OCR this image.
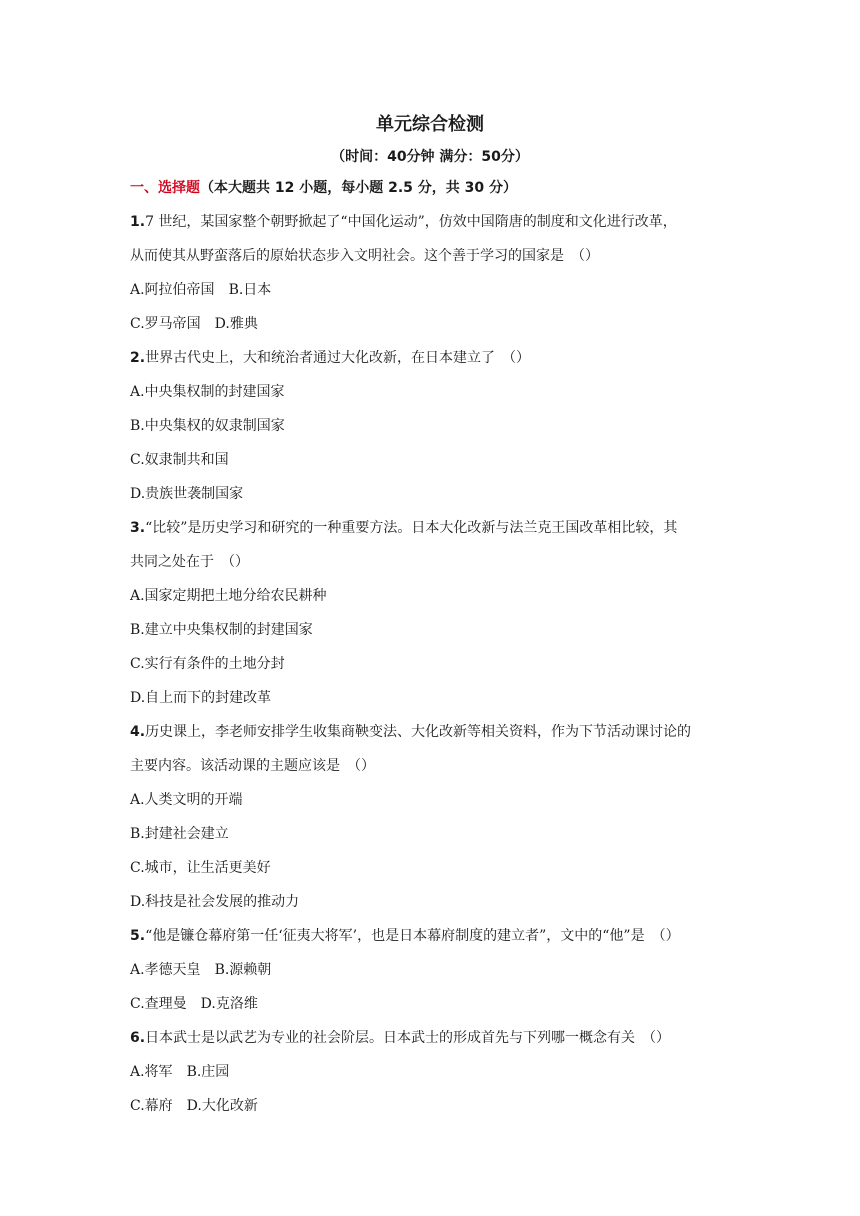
单元综合检测
（时间：40分钟 满分：50分）
一、选择题（本大题共 12 小题，每小题 2.5 分，共 30 分）
1.7 世纪，某国家整个朝野掀起了“中国化运动”，仿效中国隋唐的制度和文化进行改革，
从而使其从野蛮落后的原始状态步入文明社会。这个善于学习的国家是　（）
A.阿拉伯帝国 B.日本
C.罗马帝国 D.雅典
2.世界古代史上，大和统治者通过大化改新，在日本建立了　（）
A.中央集权制的封建国家
B.中央集权的奴隶制国家
C.奴隶制共和国
D.贵族世袭制国家
3.“比较”是历史学习和研究的一种重要方法。日本大化改新与法兰克王国改革相比较，其
共同之处在于　（）
A.国家定期把土地分给农民耕种
B.建立中央集权制的封建国家
C.实行有条件的土地分封
D.自上而下的封建改革
4.历史课上，李老师安排学生收集商鞅变法、大化改新等相关资料，作为下节活动课讨论的
主要内容。该活动课的主题应该是　（）
A.人类文明的开端
B.封建社会建立
C.城市，让生活更美好
D.科技是社会发展的推动力
5.“他是镰仓幕府第一任‘征夷大将军’，也是日本幕府制度的建立者”，文中的“他”是　（）
A.孝德天皇 B.源赖朝
C.查理曼 D.克洛维
6.日本武士是以武艺为专业的社会阶层。日本武士的形成首先与下列哪一概念有关　（）
A.将军 B.庄园
C.幕府 D.大化改新
